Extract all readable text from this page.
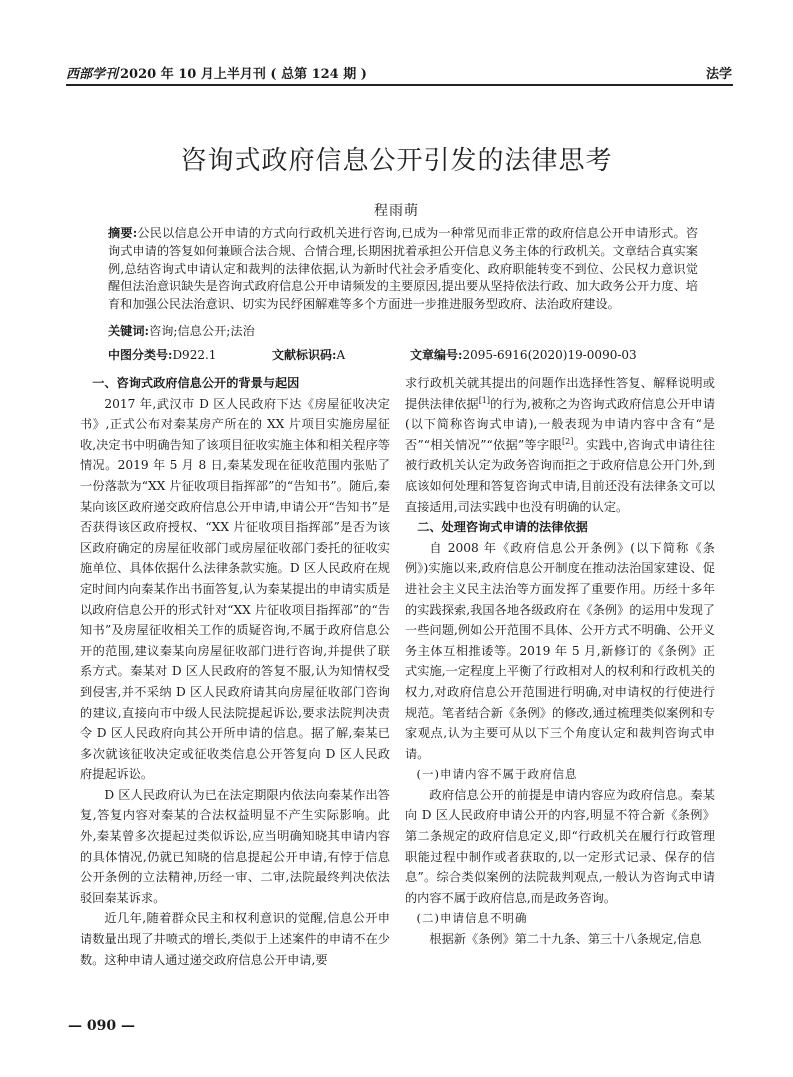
西部学刊 2020 年 10 月上半月刊 ( 总第 124 期 )	法学
咨询式政府信息公开引发的法律思考
程雨萌
摘要:公民以信息公开申请的方式向行政机关进行咨询,已成为一种常见而非正常的政府信息公开申请形式。咨询式申请的答复如何兼顾合法合规、合情合理,长期困扰着承担公开信息义务主体的行政机关。文章结合真实案例,总结咨询式申请认定和裁判的法律依据,认为新时代社会矛盾变化、政府职能转变不到位、公民权力意识觉醒但法治意识缺失是咨询式政府信息公开申请频发的主要原因,提出要从坚持依法行政、加大政务公开力度、培育和加强公民法治意识、切实为民纾困解难等多个方面进一步推进服务型政府、法治政府建设。
关键词:咨询;信息公开;法治
中图分类号:D922.1	文献标识码:A	文章编号:2095-6916(2020)19-0090-03
一、咨询式政府信息公开的背景与起因

2017 年,武汉市 D 区人民政府下达《房屋征收决定书》,正式公布对秦某房产所在的 XX 片项目实施房屋征收,决定书中明确告知了该项目征收实施主体和相关程序等情况。2019 年 5 月 8 日,秦某发现在征收范围内张贴了一份落款为“XX 片征收项目指挥部”的“告知书”。随后,秦某向该区政府递交政府信息公开申请,申请公开“告知书”是否获得该区政府授权、“XX 片征收项目指挥部”是否为该区政府确定的房屋征收部门或房屋征收部门委托的征收实施单位、具体依据什么法律条款实施。D 区人民政府在规定时间内向秦某作出书面答复,认为秦某提出的申请实质是以政府信息公开的形式针对“XX 片征收项目指挥部”的“告知书”及房屋征收相关工作的质疑咨询,不属于政府信息公开的范围,建议秦某向房屋征收部门进行咨询,并提供了联系方式。秦某对 D 区人民政府的答复不服,认为知情权受到侵害,并不采纳 D 区人民政府请其向房屋征收部门咨询的建议,直接向市中级人民法院提起诉讼,要求法院判决责令 D 区人民政府向其公开所申请的信息。据了解,秦某已多次就该征收决定或征收类信息公开答复向 D 区人民政府提起诉讼。

D 区人民政府认为已在法定期限内依法向秦某作出答复,答复内容对秦某的合法权益明显不产生实际影响。此外,秦某曾多次提起过类似诉讼,应当明确知晓其申请内容的具体情况,仍就已知晓的信息提起公开申请,有悖于信息公开条例的立法精神,历经一审、二审,法院最终判决依法驳回秦某诉求。

近几年,随着群众民主和权利意识的觉醒,信息公开申请数量出现了井喷式的增长,类似于上述案件的申请不在少数。这种申请人通过递交政府信息公开申请,要

求行政机关就其提出的问题作出选择性答复、解释说明或提供法律依据[1]的行为,被称之为咨询式政府信息公开申请(以下简称咨询式申请),一般表现为申请内容中含有“是否”“相关情况”“依据”等字眼[2]。实践中,咨询式申请往往被行政机关认定为政务咨询而拒之于政府信息公开门外,到底该如何处理和答复咨询式申请,目前还没有法律条文可以直接适用,司法实践中也没有明确的认定。

二、处理咨询式申请的法律依据

自 2008 年《政府信息公开条例》(以下简称《条例》)实施以来,政府信息公开制度在推动法治国家建设、促进社会主义民主法治等方面发挥了重要作用。历经十多年的实践探索,我国各地各级政府在《条例》的运用中发现了一些问题,例如公开范围不具体、公开方式不明确、公开义务主体互相推诿等。2019 年 5 月,新修订的《条例》正式实施,一定程度上平衡了行政相对人的权利和行政机关的权力,对政府信息公开范围进行明确,对申请权的行使进行规范。笔者结合新《条例》的修改,通过梳理类似案例和专家观点,认为主要可从以下三个角度认定和裁判咨询式申请。

(一)申请内容不属于政府信息

政府信息公开的前提是申请内容应为政府信息。秦某向 D 区人民政府申请公开的内容,明显不符合新《条例》第二条规定的政府信息定义,即“行政机关在履行行政管理职能过程中制作或者获取的,以一定形式记录、保存的信息”。综合类似案例的法院裁判观点,一般认为咨询式申请的内容不属于政府信息,而是政务咨询。

(二)申请信息不明确

根据新《条例》第二十九条、第三十八条规定,信息

— 090 —
